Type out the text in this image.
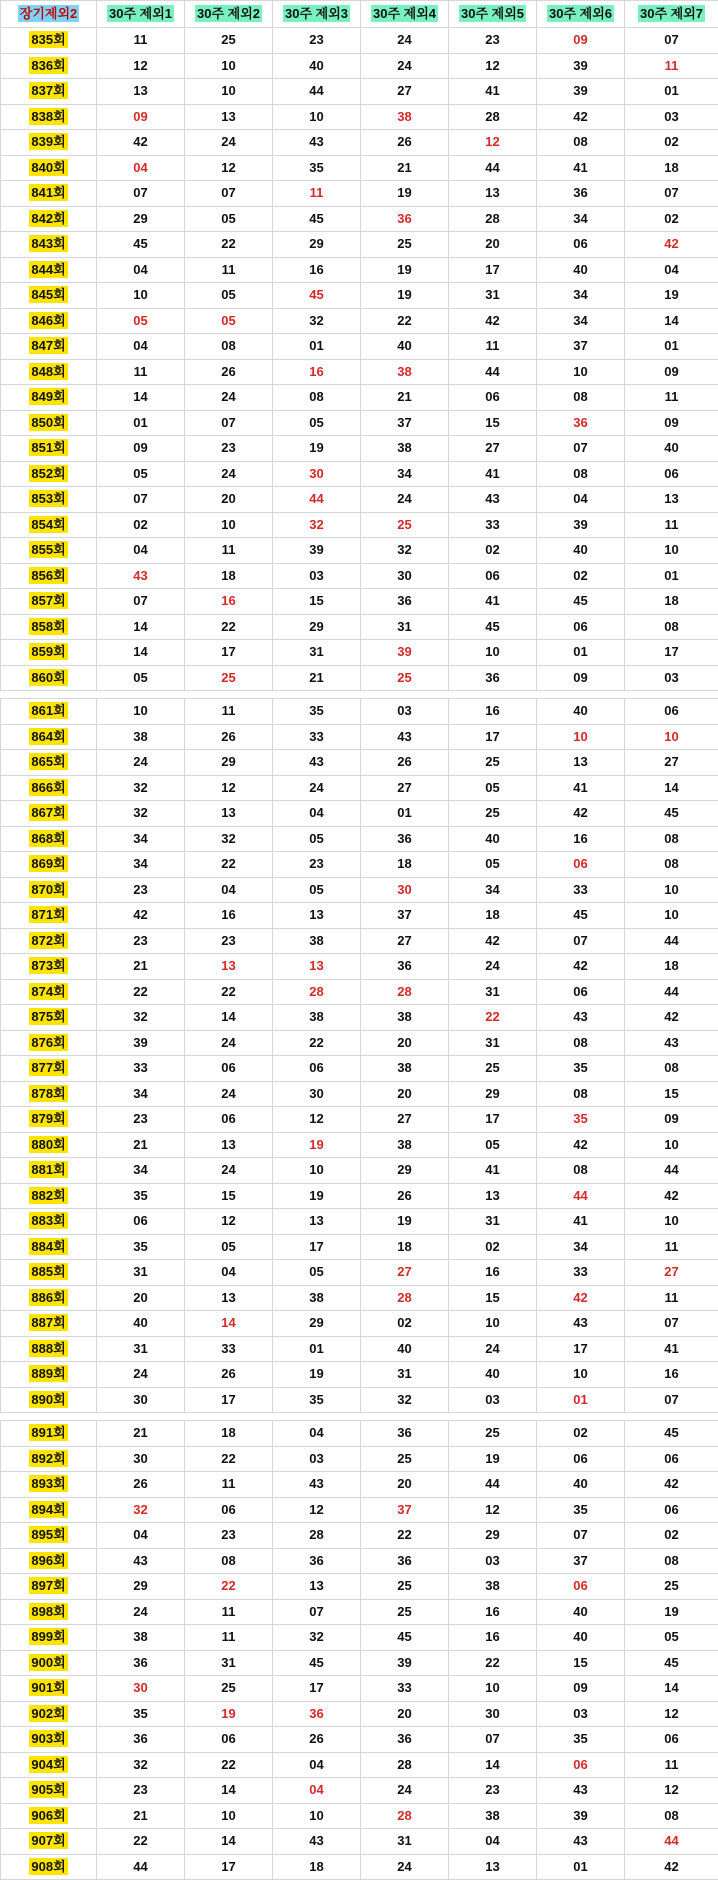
장기제외2	30주 제외1	30주 제외2	30주 제외3	30주 제외4	30주 제외5	30주 제외6	30주 제외7
835회	11	25	23	24	23	09	07
836회	12	10	40	24	12	39	11
837회	13	10	44	27	41	39	01
838회	09	13	10	38	28	42	03
839회	42	24	43	26	12	08	02
840회	04	12	35	21	44	41	18
841회	07	07	11	19	13	36	07
842회	29	05	45	36	28	34	02
843회	45	22	29	25	20	06	42
844회	04	11	16	19	17	40	04
845회	10	05	45	19	31	34	19
846회	05	05	32	22	42	34	14
847회	04	08	01	40	11	37	01
848회	11	26	16	38	44	10	09
849회	14	24	08	21	06	08	11
850회	01	07	05	37	15	36	09
851회	09	23	19	38	27	07	40
852회	05	24	30	34	41	08	06
853회	07	20	44	24	43	04	13
854회	02	10	32	25	33	39	11
855회	04	11	39	32	02	40	10
856회	43	18	03	30	06	02	01
857회	07	16	15	36	41	45	18
858회	14	22	29	31	45	06	08
859회	14	17	31	39	10	01	17
860회	05	25	21	25	36	09	03

861회	10	11	35	03	16	40	06
864회	38	26	33	43	17	10	10
865회	24	29	43	26	25	13	27
866회	32	12	24	27	05	41	14
867회	32	13	04	01	25	42	45
868회	34	32	05	36	40	16	08
869회	34	22	23	18	05	06	08
870회	23	04	05	30	34	33	10
871회	42	16	13	37	18	45	10
872회	23	23	38	27	42	07	44
873회	21	13	13	36	24	42	18
874회	22	22	28	28	31	06	44
875회	32	14	38	38	22	43	42
876회	39	24	22	20	31	08	43
877회	33	06	06	38	25	35	08
878회	34	24	30	20	29	08	15
879회	23	06	12	27	17	35	09
880회	21	13	19	38	05	42	10
881회	34	24	10	29	41	08	44
882회	35	15	19	26	13	44	42
883회	06	12	13	19	31	41	10
884회	35	05	17	18	02	34	11
885회	31	04	05	27	16	33	27
886회	20	13	38	28	15	42	11
887회	40	14	29	02	10	43	07
888회	31	33	01	40	24	17	41
889회	24	26	19	31	40	10	16
890회	30	17	35	32	03	01	07

891회	21	18	04	36	25	02	45
892회	30	22	03	25	19	06	06
893회	26	11	43	20	44	40	42
894회	32	06	12	37	12	35	06
895회	04	23	28	22	29	07	02
896회	43	08	36	36	03	37	08
897회	29	22	13	25	38	06	25
898회	24	11	07	25	16	40	19
899회	38	11	32	45	16	40	05
900회	36	31	45	39	22	15	45
901회	30	25	17	33	10	09	14
902회	35	19	36	20	30	03	12
903회	36	06	26	36	07	35	06
904회	32	22	04	28	14	06	11
905회	23	14	04	24	23	43	12
906회	21	10	10	28	38	39	08
907회	22	14	43	31	04	43	44
908회	44	17	18	24	13	01	42
